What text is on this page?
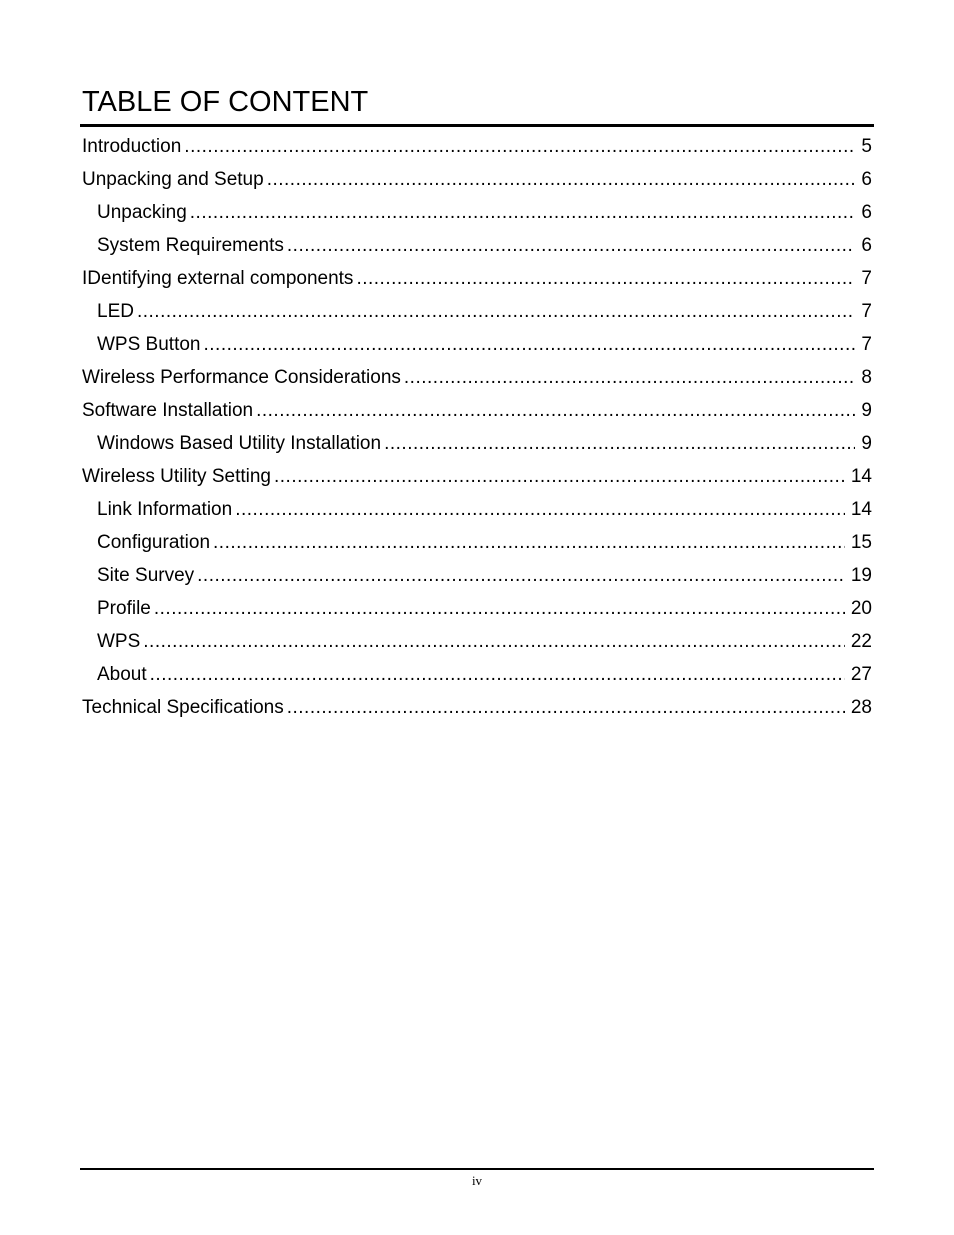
TABLE OF CONTENT
Introduction .....	5
Unpacking and Setup .....	6
Unpacking .....	6
System Requirements .....	6
IDentifying external components .....	7
LED .....	7
WPS Button .....	7
Wireless Performance Considerations .....	8
Software Installation .....	9
Windows Based Utility Installation .....	9
Wireless Utility Setting .....	14
Link Information .....	14
Configuration .....	15
Site Survey .....	19
Profile .....	20
WPS .....	22
About .....	27
Technical Specifications .....	28
iv
